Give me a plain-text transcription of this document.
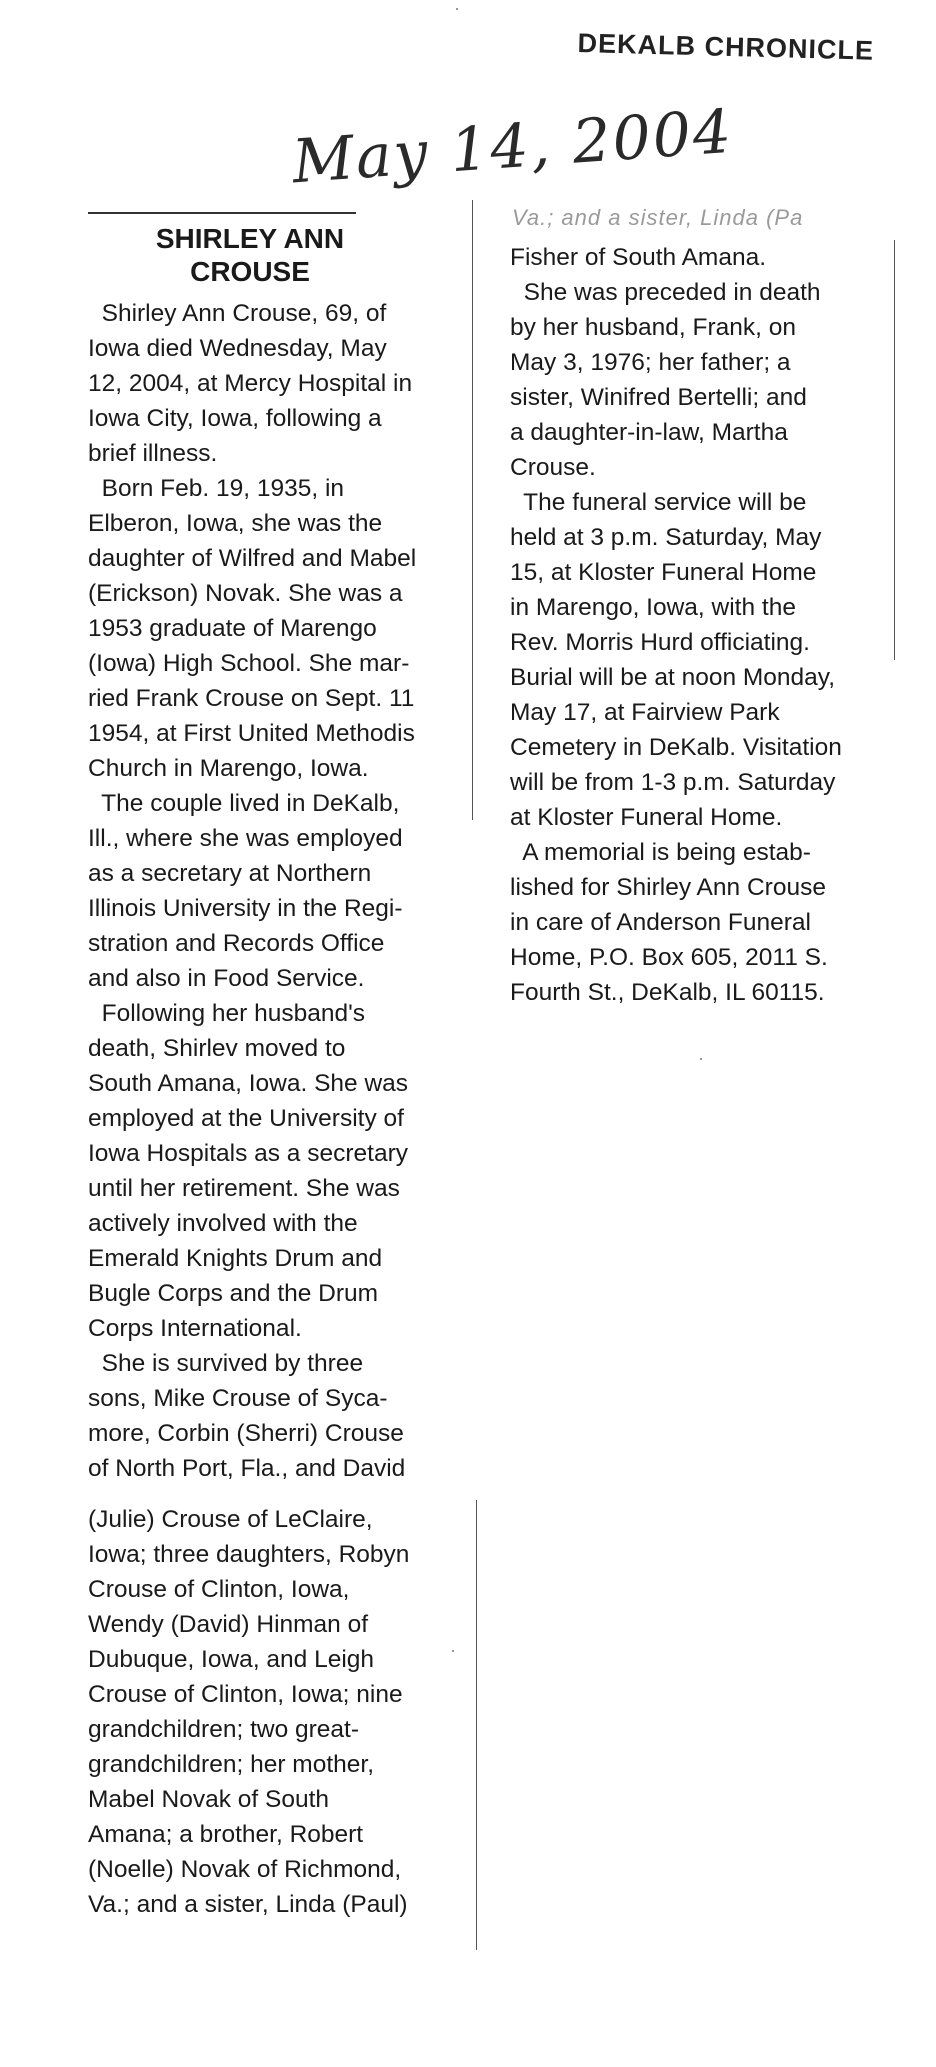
DEKALB CHRONICLE
May 14, 2004
SHIRLEY ANN
CROUSE

Shirley Ann Crouse, 69, of

Iowa died Wednesday, May

12, 2004, at Mercy Hospital in

Iowa City, Iowa, following a

brief illness.

Born Feb. 19, 1935, in

Elberon, Iowa, she was the

daughter of Wilfred and Mabel

(Erickson) Novak. She was a

1953 graduate of Marengo

(Iowa) High School. She mar-

ried Frank Crouse on Sept. 11

1954, at First United Methodis

Church in Marengo, Iowa.

The couple lived in DeKalb,

Ill., where she was employed

as a secretary at Northern

Illinois University in the Regi-

stration and Records Office

and also in Food Service.

Following her husband's

death, Shirlev moved to

South Amana, Iowa. She was

employed at the University of

Iowa Hospitals as a secretary

until her retirement. She was

actively involved with the

Emerald Knights Drum and

Bugle Corps and the Drum

Corps International.

She is survived by three

sons, Mike Crouse of Syca-

more, Corbin (Sherri) Crouse

of North Port, Fla., and David

(Julie) Crouse of LeClaire,

Iowa; three daughters, Robyn

Crouse of Clinton, Iowa,

Wendy (David) Hinman of

Dubuque, Iowa, and Leigh

Crouse of Clinton, Iowa; nine

grandchildren; two great-

grandchildren; her mother,

Mabel Novak of South

Amana; a brother, Robert

(Noelle) Novak of Richmond,

Va.; and a sister, Linda (Paul)

Va.; and a sister, Linda (Pa

Fisher of South Amana.

She was preceded in death

by her husband, Frank, on

May 3, 1976; her father; a

sister, Winifred Bertelli; and

a daughter-in-law, Martha

Crouse.

The funeral service will be

held at 3 p.m. Saturday, May

15, at Kloster Funeral Home

in Marengo, Iowa, with the

Rev. Morris Hurd officiating.

Burial will be at noon Monday,

May 17, at Fairview Park

Cemetery in DeKalb. Visitation

will be from 1-3 p.m. Saturday

at Kloster Funeral Home.

A memorial is being estab-

lished for Shirley Ann Crouse

in care of Anderson Funeral

Home, P.O. Box 605, 2011 S.

Fourth St., DeKalb, IL 60115.
